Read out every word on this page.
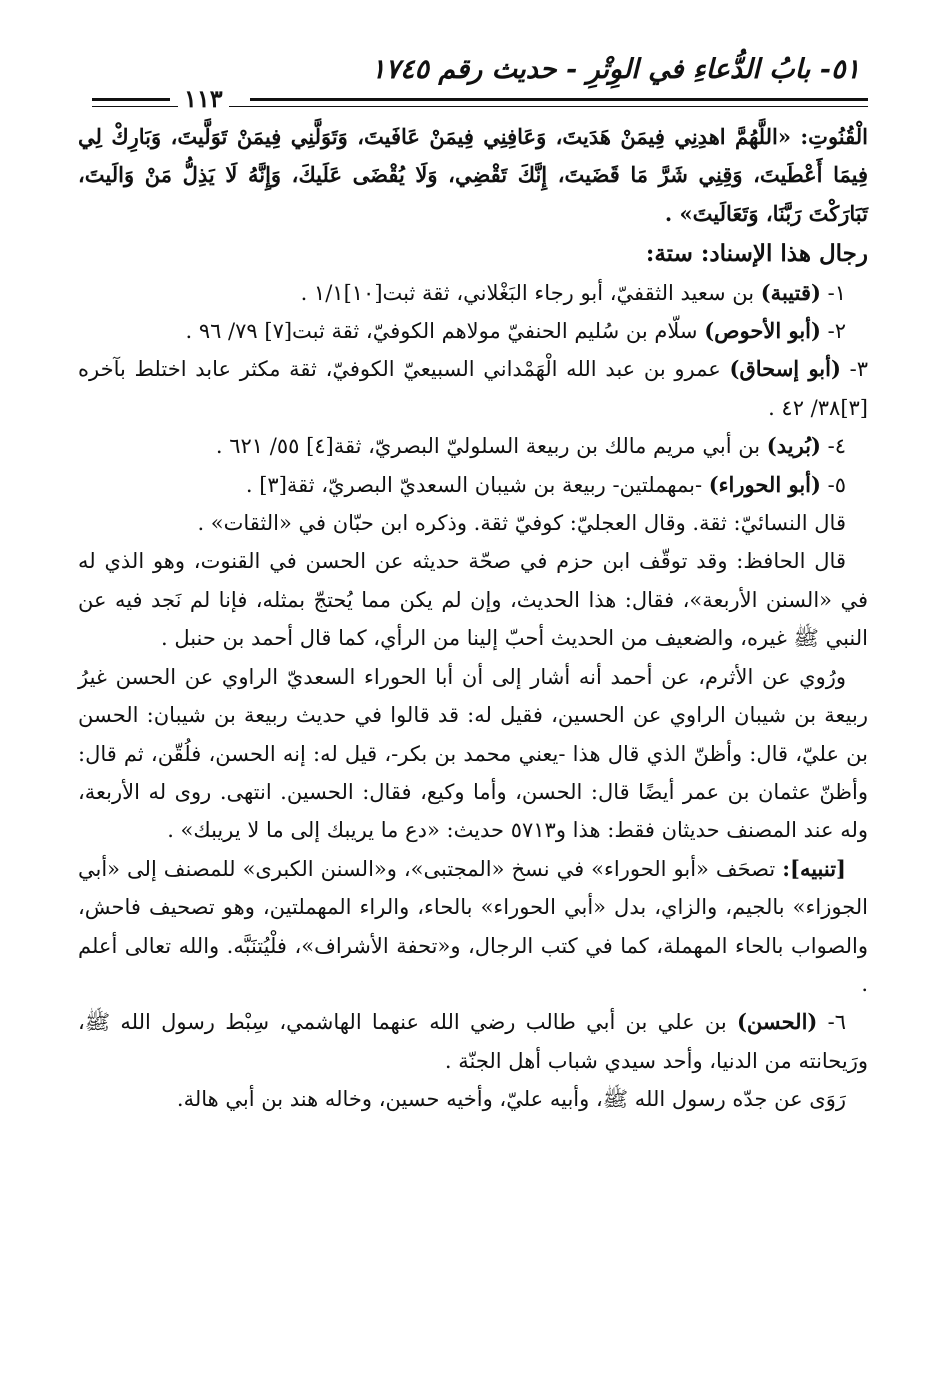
٥١- بابُ الدُّعاءِ في الوِتْرِ - حديث رقم ١٧٤٥
١١٣

الْقُنُوتِ: «اللَّهُمَّ اهدِنِي فِيمَنْ هَدَيتَ، وَعَافِنِي فِيمَنْ عَافَيتَ، وَتَوَلَّنِي فِيمَنْ تَوَلَّيتَ، وَبَارِكْ لِي فِيمَا أَعْطَيتَ، وَقِنِي شَرَّ مَا قَضَيتَ، إِنَّكَ تَقْضِي، وَلَا يُقْضَى عَلَيكَ، وَإِنَّهُ لَا يَذِلُّ مَنْ وَالَيتَ، تَبَارَكْتَ رَبَّنَا، وَتَعَالَيتَ» .

رجال هذا الإسناد: ستة:

١- (قتيبة) بن سعيد الثقفيّ، أبو رجاء البَغْلاني، ثقة ثبت[١٠]١/١ .

٢- (أبو الأحوص) سلّام بن سُليم الحنفيّ مولاهم الكوفيّ، ثقة ثبت[٧] ٧٩/ ٩٦ .

٣- (أبو إسحاق) عمرو بن عبد الله الْهَمْداني السبيعيّ الكوفيّ، ثقة مكثر عابد اختلط بآخره [٣]٣٨/ ٤٢ .

٤- (بُريد) بن أبي مريم مالك بن ربيعة السلوليّ البصريّ، ثقة[٤] ٥٥/ ٦٢١ .

٥- (أبو الحوراء) -بمهملتين- ربيعة بن شيبان السعديّ البصريّ، ثقة[٣] .

قال النسائيّ: ثقة. وقال العجليّ: كوفيّ ثقة. وذكره ابن حبّان في «الثقات» .

قال الحافظ: وقد توقّف ابن حزم في صحّة حديثه عن الحسن في القنوت، وهو الذي له في «السنن الأربعة»، فقال: هذا الحديث، وإن لم يكن مما يُحتجّ بمثله، فإنا لم نَجد فيه عن النبي ﷺ غيره، والضعيف من الحديث أحبّ إلينا من الرأي، كما قال أحمد بن حنبل .

ورُوي عن الأثرم، عن أحمد أنه أشار إلى أن أبا الحوراء السعديّ الراوي عن الحسن غيرُ ربيعة بن شيبان الراوي عن الحسين، فقيل له: قد قالوا في حديث ربيعة بن شيبان: الحسن بن عليّ، قال: وأظنّ الذي قال هذا -يعني محمد بن بكر-، قيل له: إنه الحسن، فلُقّن، ثم قال: وأظنّ عثمان بن عمر أيضًا قال: الحسن، وأما وكيع، فقال: الحسين. انتهى. روى له الأربعة، وله عند المصنف حديثان فقط: هذا و٥٧١٣ حديث: «دع ما يريبك إلى ما لا يريبك» .

[تنبيه]: تصحَف «أبو الحوراء» في نسخ «المجتبى»، و«السنن الكبرى» للمصنف إلى «أبي الجوزاء» بالجيم، والزاي، بدل «أبي الحوراء» بالحاء، والراء المهملتين، وهو تصحيف فاحش، والصواب بالحاء المهملة، كما في كتب الرجال، و«تحفة الأشراف»، فلْيُتنَبَّه. والله تعالى أعلم .

٦- (الحسن) بن علي بن أبي طالب رضي الله عنهما الهاشمي، سِبْط رسول الله ﷺ، ورَيحانته من الدنيا، وأحد سيدي شباب أهل الجنّة .

رَوَى عن جدّه رسول الله ﷺ، وأبيه عليّ، وأخيه حسين، وخاله هند بن أبي هالة.
